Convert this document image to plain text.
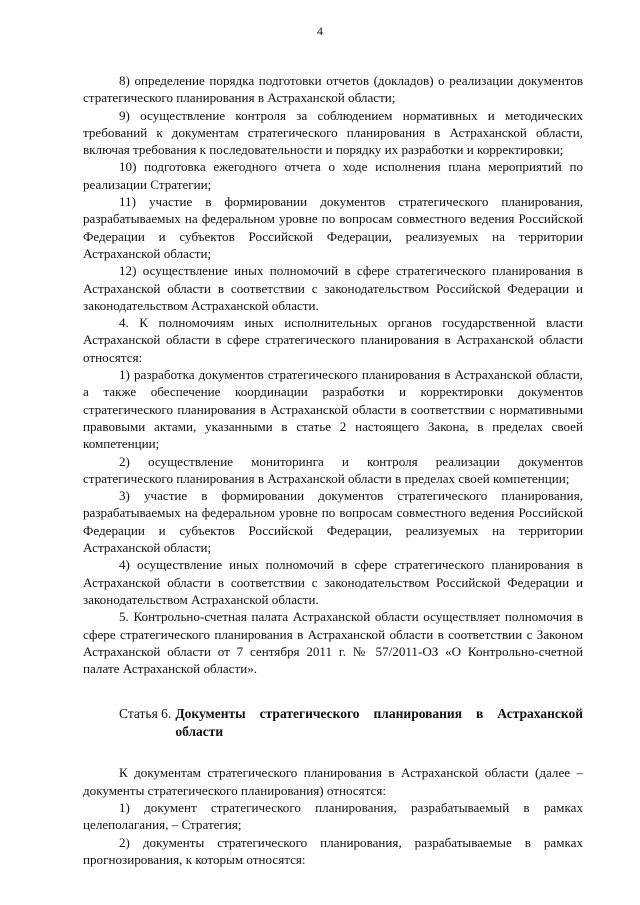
4

8) определение порядка подготовки отчетов (докладов) о реализации документов стратегического планирования в Астраханской области;

9) осуществление контроля за соблюдением нормативных и методических требований к документам стратегического планирования в Астраханской области, включая требования к последовательности и порядку их разработки и корректировки;

10) подготовка ежегодного отчета о ходе исполнения плана мероприятий по реализации Стратегии;

11) участие в формировании документов стратегического планирования, разрабатываемых на федеральном уровне по вопросам совместного ведения Российской Федерации и субъектов Российской Федерации, реализуемых на территории Астраханской области;

12) осуществление иных полномочий в сфере стратегического планирования в Астраханской области в соответствии с законодательством Российской Федерации и законодательством Астраханской области.

4. К полномочиям иных исполнительных органов государственной власти Астраханской области в сфере стратегического планирования в Астраханской области относятся:

1) разработка документов стратегического планирования в Астраханской области, а также обеспечение координации разработки и корректировки документов стратегического планирования в Астраханской области в соответствии с нормативными правовыми актами, указанными в статье 2 настоящего Закона, в пределах своей компетенции;

2) осуществление мониторинга и контроля реализации документов стратегического планирования в Астраханской области в пределах своей компетенции;

3) участие в формировании документов стратегического планирования, разрабатываемых на федеральном уровне по вопросам совместного ведения Российской Федерации и субъектов Российской Федерации, реализуемых на территории Астраханской области;

4) осуществление иных полномочий в сфере стратегического планирования в Астраханской области в соответствии с законодательством Российской Федерации и законодательством Астраханской области.

5. Контрольно-счетная палата Астраханской области осуществляет полномочия в сфере стратегического планирования в Астраханской области в соответствии с Законом Астраханской области от 7 сентября 2011 г. № 57/2011-ОЗ «О Контрольно-счетной палате Астраханской области».

Статья 6. Документы стратегического планирования в Астраханской области

К документам стратегического планирования в Астраханской области (далее – документы стратегического планирования) относятся:

1) документ стратегического планирования, разрабатываемый в рамках целеполагания, – Стратегия;

2) документы стратегического планирования, разрабатываемые в рамках прогнозирования, к которым относятся:
